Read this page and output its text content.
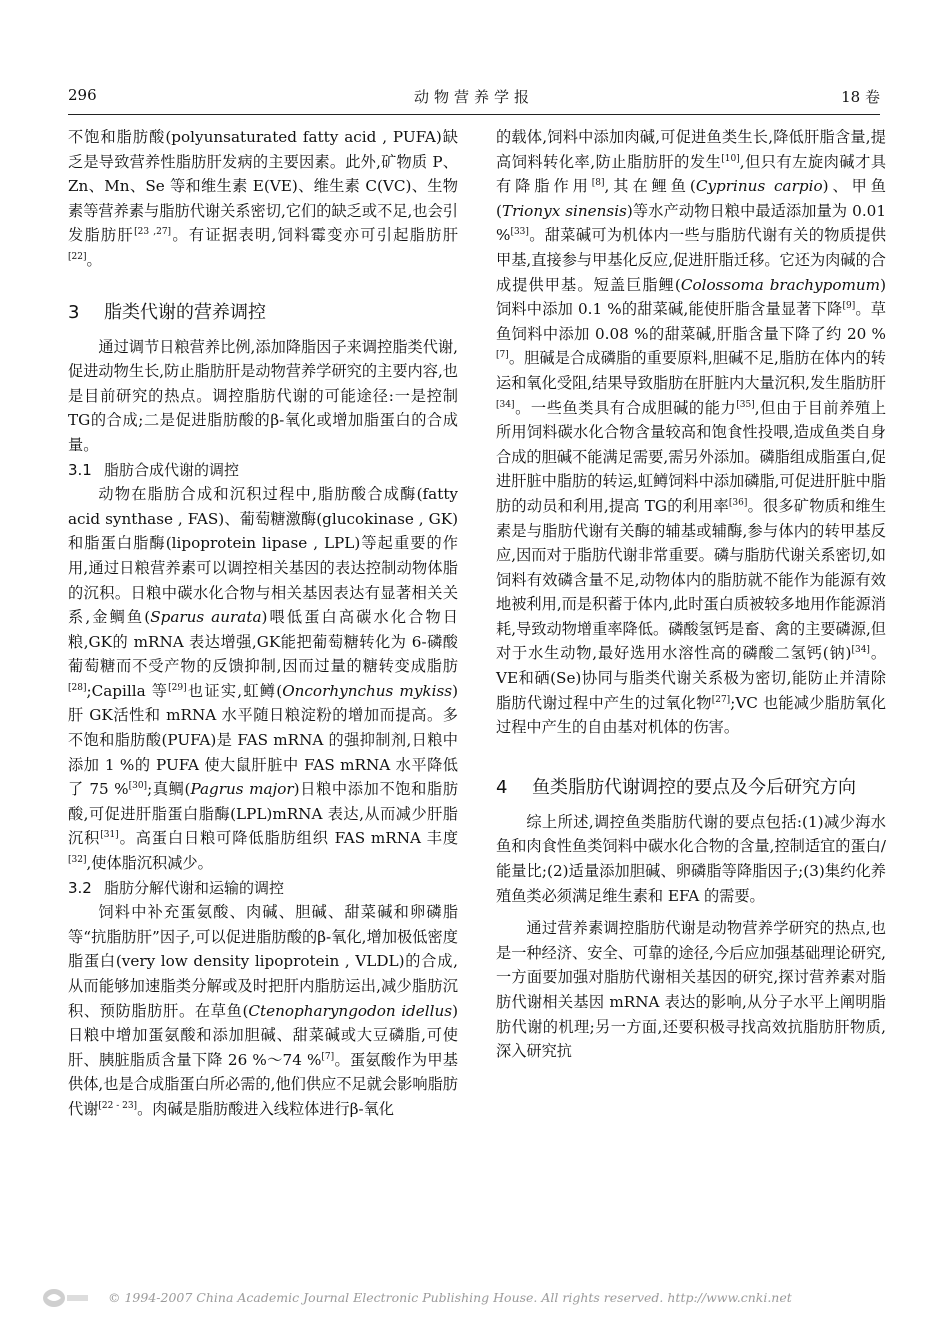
296	动物营养学报	18 卷

不饱和脂肪酸(polyunsaturated fatty acid , PUFA)缺乏是导致营养性脂肪肝发病的主要因素。此外,矿物质 P、Zn、Mn、Se 等和维生素 E(VE)、维生素 C(VC)、生物素等营养素与脂肪代谢关系密切,它们的缺乏或不足,也会引发脂肪肝[23 ,27]。有证据表明,饲料霉变亦可引起脂肪肝[22]。

3 脂类代谢的营养调控

通过调节日粮营养比例,添加降脂因子来调控脂类代谢,促进动物生长,防止脂肪肝是动物营养学研究的主要内容,也是目前研究的热点。调控脂肪代谢的可能途径:一是控制 TG的合成;二是促进脂肪酸的β-氧化或增加脂蛋白的合成量。

3.1 脂肪合成代谢的调控

动物在脂肪合成和沉积过程中,脂肪酸合成酶(fatty acid synthase , FAS)、葡萄糖激酶(glucokinase , GK)和脂蛋白脂酶(lipoprotein lipase , LPL)等起重要的作用,通过日粮营养素可以调控相关基因的表达控制动物体脂的沉积。日粮中碳水化合物与相关基因表达有显著相关关系,金鲷鱼(Sparus aurata)喂低蛋白高碳水化合物日粮,GK的 mRNA 表达增强,GK能把葡萄糖转化为 6-磷酸葡萄糖而不受产物的反馈抑制,因而过量的糖转变成脂肪[28];Capilla 等[29]也证实,虹鳟(Oncorhynchus mykiss)肝 GK活性和 mRNA 水平随日粮淀粉的增加而提高。多不饱和脂肪酸(PUFA)是 FAS mRNA 的强抑制剂,日粮中添加 1 %的 PUFA 使大鼠肝脏中 FAS mRNA 水平降低了 75 %[30];真鲷(Pagrus major)日粮中添加不饱和脂肪酸,可促进肝脂蛋白脂酶(LPL)mRNA 表达,从而减少肝脂沉积[31]。高蛋白日粮可降低脂肪组织 FAS mRNA 丰度[32],使体脂沉积减少。

3.2 脂肪分解代谢和运输的调控

饲料中补充蛋氨酸、肉碱、胆碱、甜菜碱和卵磷脂等“抗脂肪肝”因子,可以促进脂肪酸的β-氧化,增加极低密度脂蛋白(very low density lipoprotein , VLDL)的合成,从而能够加速脂类分解或及时把肝内脂肪运出,减少脂肪沉积、预防脂肪肝。在草鱼(Ctenopharyngodon idellus)日粮中增加蛋氨酸和添加胆碱、甜菜碱或大豆磷脂,可使肝、胰脏脂质含量下降 26 %～74 %[7]。蛋氨酸作为甲基供体,也是合成脂蛋白所必需的,他们供应不足就会影响脂肪代谢[22 - 23]。肉碱是脂肪酸进入线粒体进行β-氧化

的载体,饲料中添加肉碱,可促进鱼类生长,降低肝脂含量,提高饲料转化率,防止脂肪肝的发生[10],但只有左旋肉碱才具有降脂作用[8],其在鲤鱼(Cyprinus carpio)、甲鱼(Trionyx sinensis)等水产动物日粮中最适添加量为 0.01 %[33]。甜菜碱可为机体内一些与脂肪代谢有关的物质提供甲基,直接参与甲基化反应,促进肝脂迁移。它还为肉碱的合成提供甲基。短盖巨脂鲤(Colossoma brachypomum)饲料中添加 0.1 %的甜菜碱,能使肝脂含量显著下降[9]。草鱼饲料中添加 0.08 %的甜菜碱,肝脂含量下降了约 20 %[7]。胆碱是合成磷脂的重要原料,胆碱不足,脂肪在体内的转运和氧化受阻,结果导致脂肪在肝脏内大量沉积,发生脂肪肝[34]。一些鱼类具有合成胆碱的能力[35],但由于目前养殖上所用饲料碳水化合物含量较高和饱食性投喂,造成鱼类自身合成的胆碱不能满足需要,需另外添加。磷脂组成脂蛋白,促进肝脏中脂肪的转运,虹鳟饲料中添加磷脂,可促进肝脏中脂肪的动员和利用,提高 TG的利用率[36]。很多矿物质和维生素是与脂肪代谢有关酶的辅基或辅酶,参与体内的转甲基反应,因而对于脂肪代谢非常重要。磷与脂肪代谢关系密切,如饲料有效磷含量不足,动物体内的脂肪就不能作为能源有效地被利用,而是积蓄于体内,此时蛋白质被较多地用作能源消耗,导致动物增重率降低。磷酸氢钙是畜、禽的主要磷源,但对于水生动物,最好选用水溶性高的磷酸二氢钙(钠)[34]。VE和硒(Se)协同与脂类代谢关系极为密切,能防止并清除脂肪代谢过程中产生的过氧化物[27];VC 也能减少脂肪氧化过程中产生的自由基对机体的伤害。

4 鱼类脂肪代谢调控的要点及今后研究方向

综上所述,调控鱼类脂肪代谢的要点包括:(1)减少海水鱼和肉食性鱼类饲料中碳水化合物的含量,控制适宜的蛋白/能量比;(2)适量添加胆碱、卵磷脂等降脂因子;(3)集约化养殖鱼类必须满足维生素和 EFA 的需要。

通过营养素调控脂肪代谢是动物营养学研究的热点,也是一种经济、安全、可靠的途径,今后应加强基础理论研究,一方面要加强对脂肪代谢相关基因的研究,探讨营养素对脂肪代谢相关基因 mRNA 表达的影响,从分子水平上阐明脂肪代谢的机理;另一方面,还要积极寻找高效抗脂肪肝物质,深入研究抗

© 1994-2007 China Academic Journal Electronic Publishing House. All rights reserved. http://www.cnki.net
